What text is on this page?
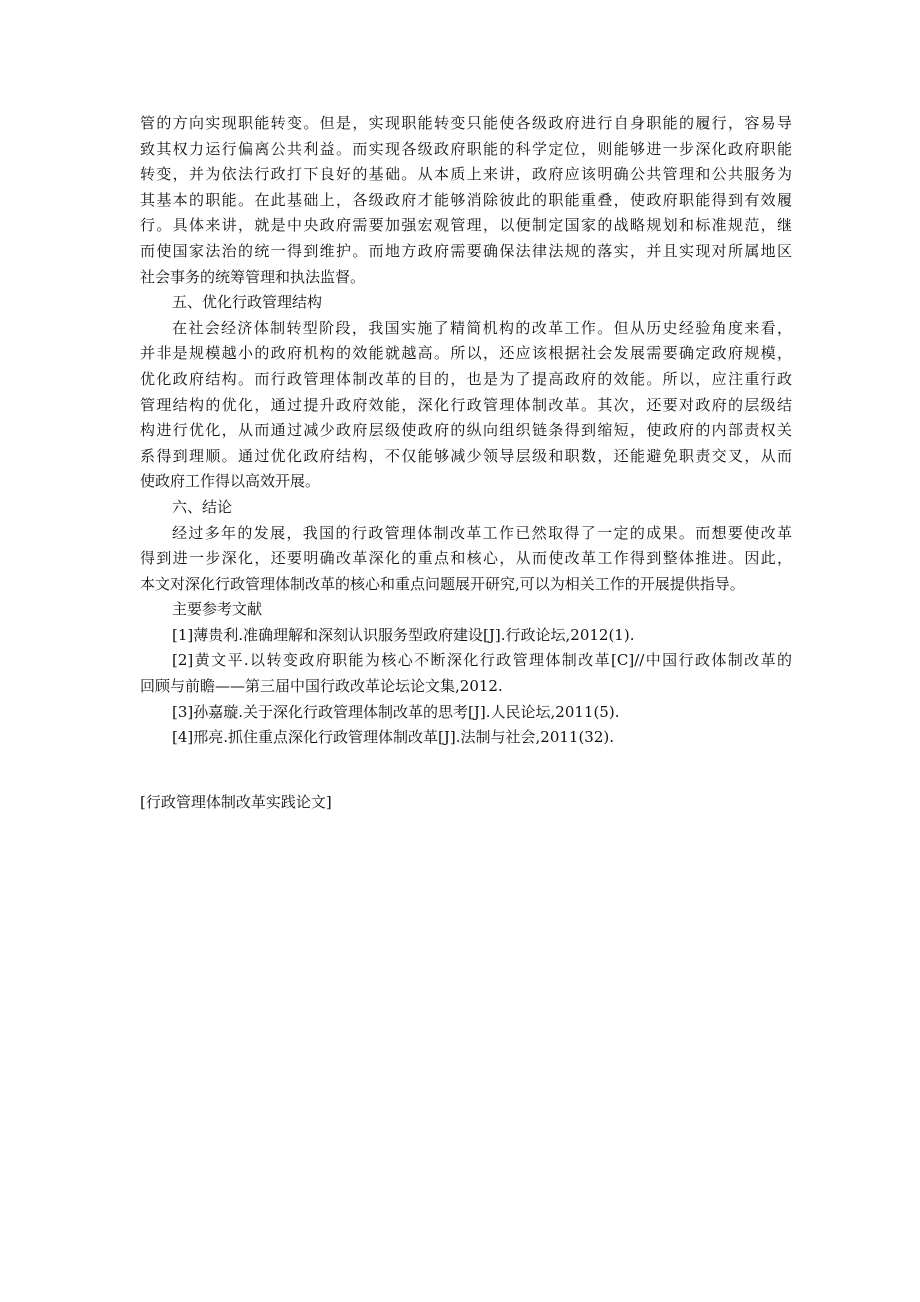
管的方向实现职能转变。但是，实现职能转变只能使各级政府进行自身职能的履行，容易导
致其权力运行偏离公共利益。而实现各级政府职能的科学定位，则能够进一步深化政府职能
转变，并为依法行政打下良好的基础。从本质上来讲，政府应该明确公共管理和公共服务为
其基本的职能。在此基础上，各级政府才能够消除彼此的职能重叠，使政府职能得到有效履
行。具体来讲，就是中央政府需要加强宏观管理，以便制定国家的战略规划和标准规范，继
而使国家法治的统一得到维护。而地方政府需要确保法律法规的落实，并且实现对所属地区
社会事务的统筹管理和执法监督。
五、优化行政管理结构
在社会经济体制转型阶段，我国实施了精简机构的改革工作。但从历史经验角度来看，
并非是规模越小的政府机构的效能就越高。所以，还应该根据社会发展需要确定政府规模，
优化政府结构。而行政管理体制改革的目的，也是为了提高政府的效能。所以，应注重行政
管理结构的优化，通过提升政府效能，深化行政管理体制改革。其次，还要对政府的层级结
构进行优化，从而通过减少政府层级使政府的纵向组织链条得到缩短，使政府的内部责权关
系得到理顺。通过优化政府结构，不仅能够减少领导层级和职数，还能避免职责交叉，从而
使政府工作得以高效开展。
六、结论
经过多年的发展，我国的行政管理体制改革工作已然取得了一定的成果。而想要使改革
得到进一步深化，还要明确改革深化的重点和核心，从而使改革工作得到整体推进。因此，
本文对深化行政管理体制改革的核心和重点问题展开研究,可以为相关工作的开展提供指导。
主要参考文献
[1]薄贵利.准确理解和深刻认识服务型政府建设[J].行政论坛,2012(1).
[2]黄文平.以转变政府职能为核心不断深化行政管理体制改革[C]//中国行政体制改革的
回顾与前瞻——第三届中国行政改革论坛论文集,2012.
[3]孙嘉璇.关于深化行政管理体制改革的思考[J].人民论坛,2011(5).
[4]邢亮.抓住重点深化行政管理体制改革[J].法制与社会,2011(32).
[行政管理体制改革实践论文]
